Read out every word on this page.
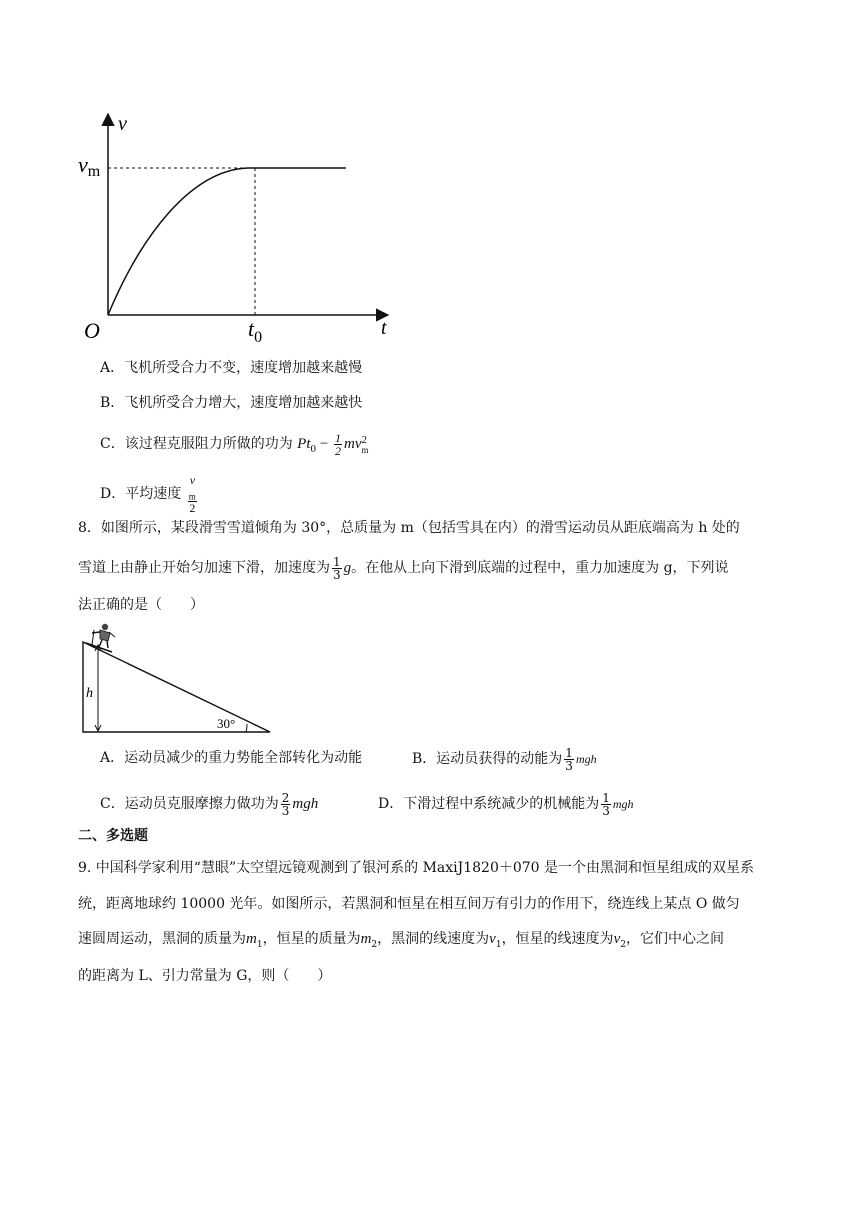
v
vm
O	$t_0$	t
A．飞机所受合力不变，速度增加越来越慢
B．飞机所受合力增大，速度增加越来越快
C．该过程克服阻力所做的功为 $Pt_0 - \frac{1}{2}$ mv 2
m
D．平均速度 v
$_m$
2
8．如图所示，某段滑雪雪道倾角为 30°，总质量为 m（包括雪具在内）的滑雪运动员从距底端高为 h 处的
雪道上由静止开始匀加速下滑，加速度为 $\frac{1}{3}$ g。在他从上向下滑到底端的过程中，重力加速度为 g，下列说
法正确的是（　　）
h
30°
A．运动员减少的重力势能全部转化为动能	B．运动员获得的动能为 $\frac{1}{3}$ mgh
C．运动员克服摩擦力做功为 $\frac{2}{3}$ mgh	D．下滑过程中系统减少的机械能为 $\frac{1}{3}$ mgh
二、多选题
9. 中国科学家利用“慧眼”太空望远镜观测到了银河系的 MaxiJ1820＋070 是一个由黑洞和恒星组成的双星系
统，距离地球约 10000 光年。如图所示，若黑洞和恒星在相互间万有引力的作用下，绕连线上某点 O 做匀
速圆周运动，黑洞的质量为$m_1$，恒星的质量为$m_2$，黑洞的线速度为$v_1$，恒星的线速度为$v_2$，它们中心之间
的距离为 L、引力常量为 G，则（　　）
